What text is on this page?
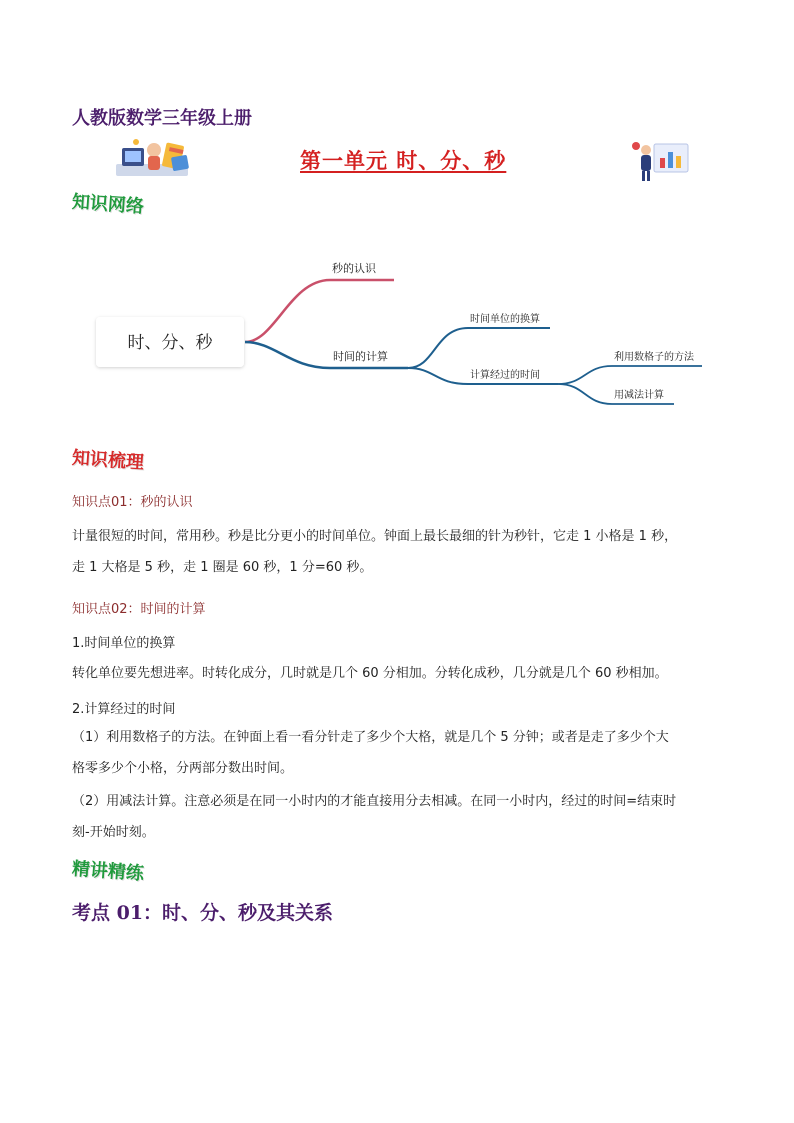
人教版数学三年级上册
第一单元 时、分、秒
知识网络
时、分、秒
秒的认识
时间的计算
时间单位的换算
计算经过的时间
利用数格子的方法
用减法计算
知识梳理
知识点01：秒的认识
计量很短的时间，常用秒。秒是比分更小的时间单位。钟面上最长最细的针为秒针，它走 1 小格是 1 秒，
走 1 大格是 5 秒，走 1 圈是 60 秒，1 分=60 秒。
知识点02：时间的计算
1.时间单位的换算
转化单位要先想进率。时转化成分，几时就是几个 60 分相加。分转化成秒，几分就是几个 60 秒相加。
2.计算经过的时间
（1）利用数格子的方法。在钟面上看一看分针走了多少个大格，就是几个 5 分钟；或者是走了多少个大
格零多少个小格，分两部分数出时间。
（2）用减法计算。注意必须是在同一小时内的才能直接用分去相减。在同一小时内，经过的时间=结束时
刻-开始时刻。
精讲精练
考点 01：时、分、秒及其关系
